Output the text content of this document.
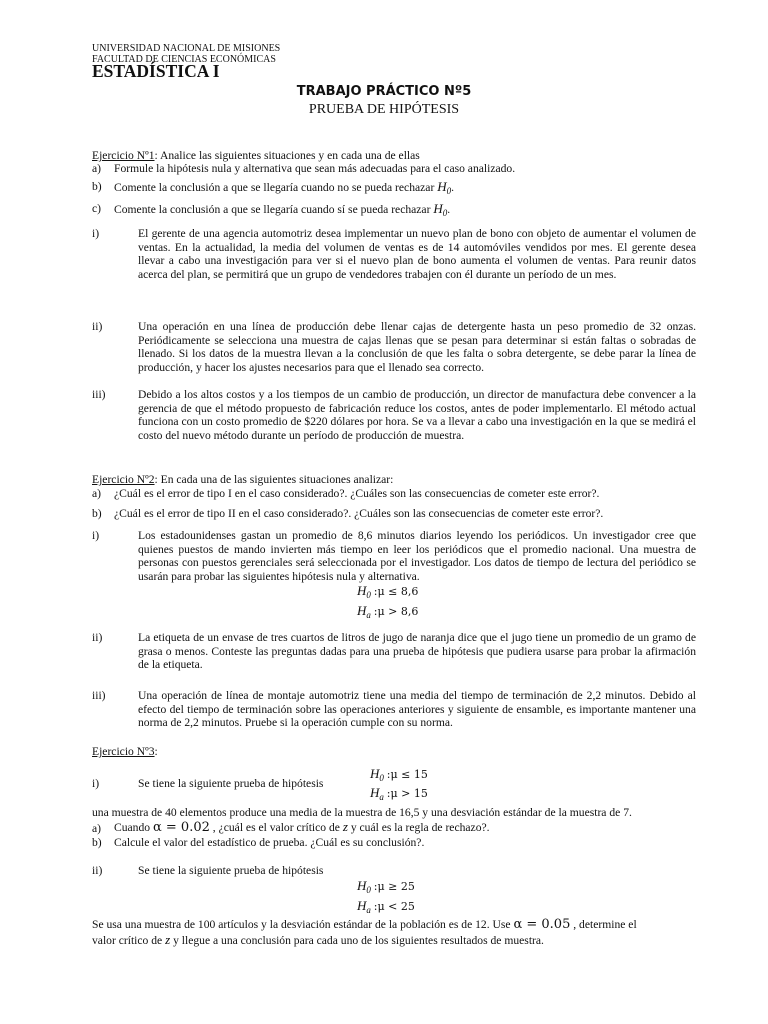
UNIVERSIDAD NACIONAL DE MISIONES
FACULTAD DE CIENCIAS ECONÓMICAS
ESTADÍSTICA I
TRABAJO PRÁCTICO Nº5
PRUEBA DE HIPÓTESIS
Ejercicio Nº1: Analice las siguientes situaciones y en cada una de ellas
a) Formule la hipótesis nula y alternativa que sean más adecuadas para el caso analizado.
b) Comente la conclusión a que se llegaría cuando no se pueda rechazar $H_0$.
c) Comente la conclusión a que se llegaría cuando sí se pueda rechazar $H_0$.
i)	El gerente de una agencia automotriz desea implementar un nuevo plan de bono con objeto de aumentar el volumen de ventas. En la actualidad, la media del volumen de ventas es de 14 automóviles vendidos por mes. El gerente desea llevar a cabo una investigación para ver si el nuevo plan de bono aumenta el volumen de ventas. Para reunir datos acerca del plan, se permitirá que un grupo de vendedores trabajen con él durante un período de un mes.
ii)	Una operación en una línea de producción debe llenar cajas de detergente hasta un peso promedio de 32 onzas. Periódicamente se selecciona una muestra de cajas llenas que se pesan para determinar si están faltas o sobradas de llenado. Si los datos de la muestra llevan a la conclusión de que les falta o sobra detergente, se debe parar la línea de producción, y hacer los ajustes necesarios para que el llenado sea correcto.
iii)	Debido a los altos costos y a los tiempos de un cambio de producción, un director de manufactura debe convencer a la gerencia de que el método propuesto de fabricación reduce los costos, antes de poder implementarlo. El método actual funciona con un costo promedio de $220 dólares por hora. Se va a llevar a cabo una investigación en la que se medirá el costo del nuevo método durante un período de producción de muestra.
Ejercicio Nº2: En cada una de las siguientes situaciones analizar:
a) ¿Cuál es el error de tipo I en el caso considerado?. ¿Cuáles son las consecuencias de cometer este error?.
b) ¿Cuál es el error de tipo II en el caso considerado?. ¿Cuáles son las consecuencias de cometer este error?.
i)	Los estadounidenses gastan un promedio de 8,6 minutos diarios leyendo los periódicos. Un investigador cree que quienes puestos de mando invierten más tiempo en leer los periódicos que el promedio nacional. Una muestra de personas con puestos gerenciales será seleccionada por el investigador. Los datos de tiempo de lectura del periódico se usarán para probar las siguientes hipótesis nula y alternativa.
$H_0$ :μ ≤ 8,6
$H_a$ :μ > 8,6
ii)	La etiqueta de un envase de tres cuartos de litros de jugo de naranja dice que el jugo tiene un promedio de un gramo de grasa o menos. Conteste las preguntas dadas para una prueba de hipótesis que pudiera usarse para probar la afirmación de la etiqueta.
iii)	Una operación de línea de montaje automotriz tiene una media del tiempo de terminación de 2,2 minutos. Debido al efecto del tiempo de terminación sobre las operaciones anteriores y siguiente de ensamble, es importante mantener una norma de 2,2 minutos. Pruebe si la operación cumple con su norma.
Ejercicio Nº3:
$H_0$ :μ ≤ 15
i)	Se tiene la siguiente prueba de hipótesis
$H_a$ :μ > 15
una muestra de 40 elementos produce una media de la muestra de 16,5 y una desviación estándar de la muestra de 7.
a) Cuando α = 0.02 , ¿cuál es el valor crítico de z y cuál es la regla de rechazo?.
b) Calcule el valor del estadístico de prueba. ¿Cuál es su conclusión?.
ii)	Se tiene la siguiente prueba de hipótesis
$H_0$ :μ ≥ 25
$H_a$ :μ < 25
Se usa una muestra de 100 artículos y la desviación estándar de la población es de 12. Use α = 0.05 , determine el
valor crítico de z y llegue a una conclusión para cada uno de los siguientes resultados de muestra.
